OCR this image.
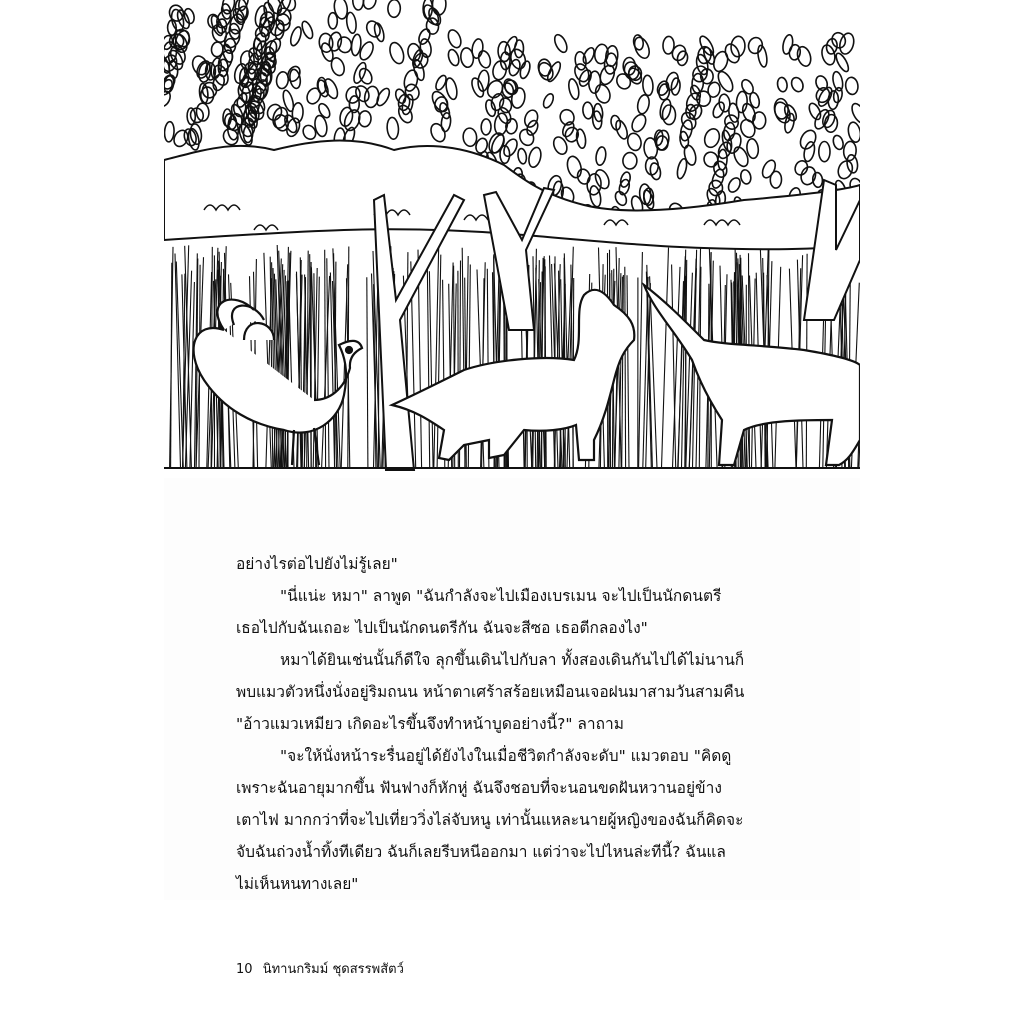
อย่างไรต่อไปยังไม่รู้เลย"
"นี่แน่ะ หมา" ลาพูด "ฉันกำลังจะไปเมืองเบรเมน จะไปเป็นนักดนตรี
เธอไปกับฉันเถอะ ไปเป็นนักดนตรีกัน ฉันจะสีซอ เธอตีกลองไง"
หมาได้ยินเช่นนั้นก็ดีใจ ลุกขึ้นเดินไปกับลา ทั้งสองเดินกันไปได้ไม่นานก็
พบแมวตัวหนึ่งนั่งอยู่ริมถนน หน้าตาเศร้าสร้อยเหมือนเจอฝนมาสามวันสามคืน
"อ้าวแมวเหมียว เกิดอะไรขึ้นจึงทำหน้าบูดอย่างนี้?" ลาถาม
"จะให้นั่งหน้าระรื่นอยู่ได้ยังไงในเมื่อชีวิตกำลังจะดับ" แมวตอบ "คิดดู
เพราะฉันอายุมากขึ้น ฟันฟางก็หักหู่ ฉันจึงชอบที่จะนอนขดฝันหวานอยู่ข้าง
เตาไฟ มากกว่าที่จะไปเที่ยววิ่งไล่จับหนู เท่านั้นแหละนายผู้หญิงของฉันก็คิดจะ
จับฉันถ่วงน้ำทิ้งทีเดียว ฉันก็เลยรีบหนีออกมา แต่ว่าจะไปไหนล่ะทีนี้? ฉันแล
ไม่เห็นหนทางเลย"
10 นิทานกริมม์ ชุดสรรพสัตว์
